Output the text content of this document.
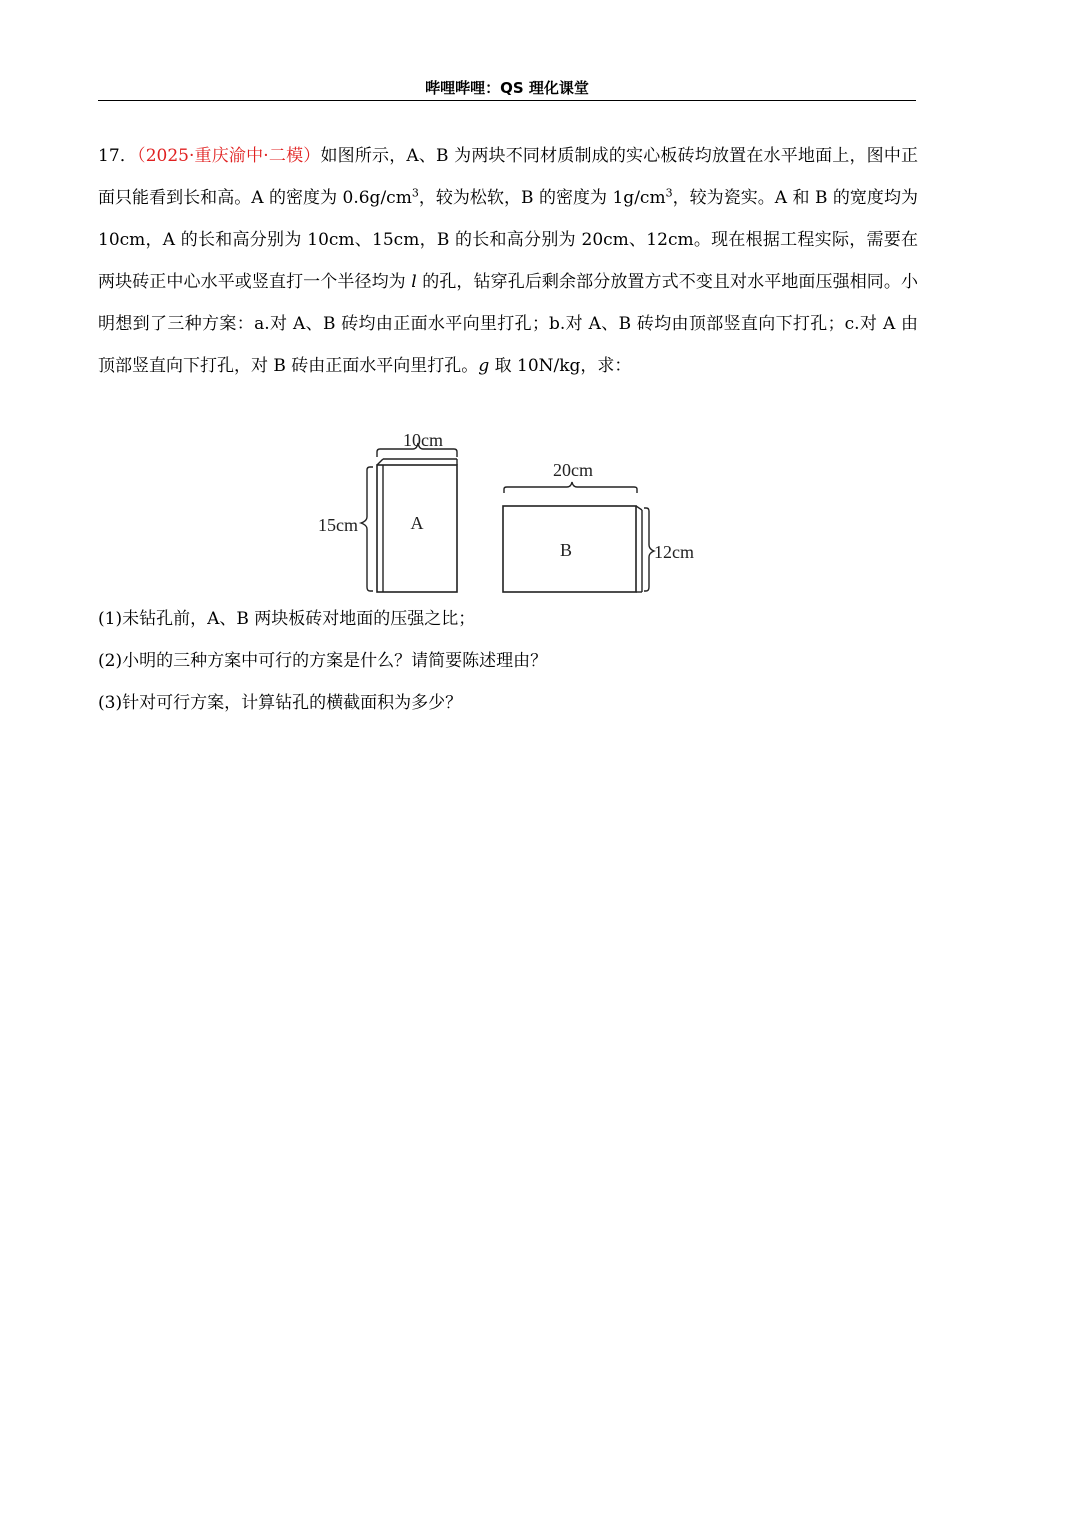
哔哩哔哩：QS 理化课堂

17．（2025·重庆渝中·二模）如图所示，A、B 为两块不同材质制成的实心板砖均放置在水平地面上，图中正面只能看到长和高。A 的密度为 $0.6g/cm^3$，较为松软，B 的密度为 $1g/cm^3$，较为瓷实。A 和 B 的宽度均为 10cm，A 的长和高分别为 10cm、15cm，B 的长和高分别为 20cm、12cm。现在根据工程实际，需要在两块砖正中心水平或竖直打一个半径均为 l 的孔，钻穿孔后剩余部分放置方式不变且对水平地面压强相同。小明想到了三种方案：a.对 A、B 砖均由正面水平向里打孔；b.对 A、B 砖均由顶部竖直向下打孔；c.对 A 由顶部竖直向下打孔，对 B 砖由正面水平向里打孔。g 取 10N/kg，求：

10cm
15cm	A
20cm
12cm
B

(1)未钻孔前，A、B 两块板砖对地面的压强之比；

(2)小明的三种方案中可行的方案是什么？请简要陈述理由？

(3)针对可行方案，计算钻孔的横截面积为多少？
